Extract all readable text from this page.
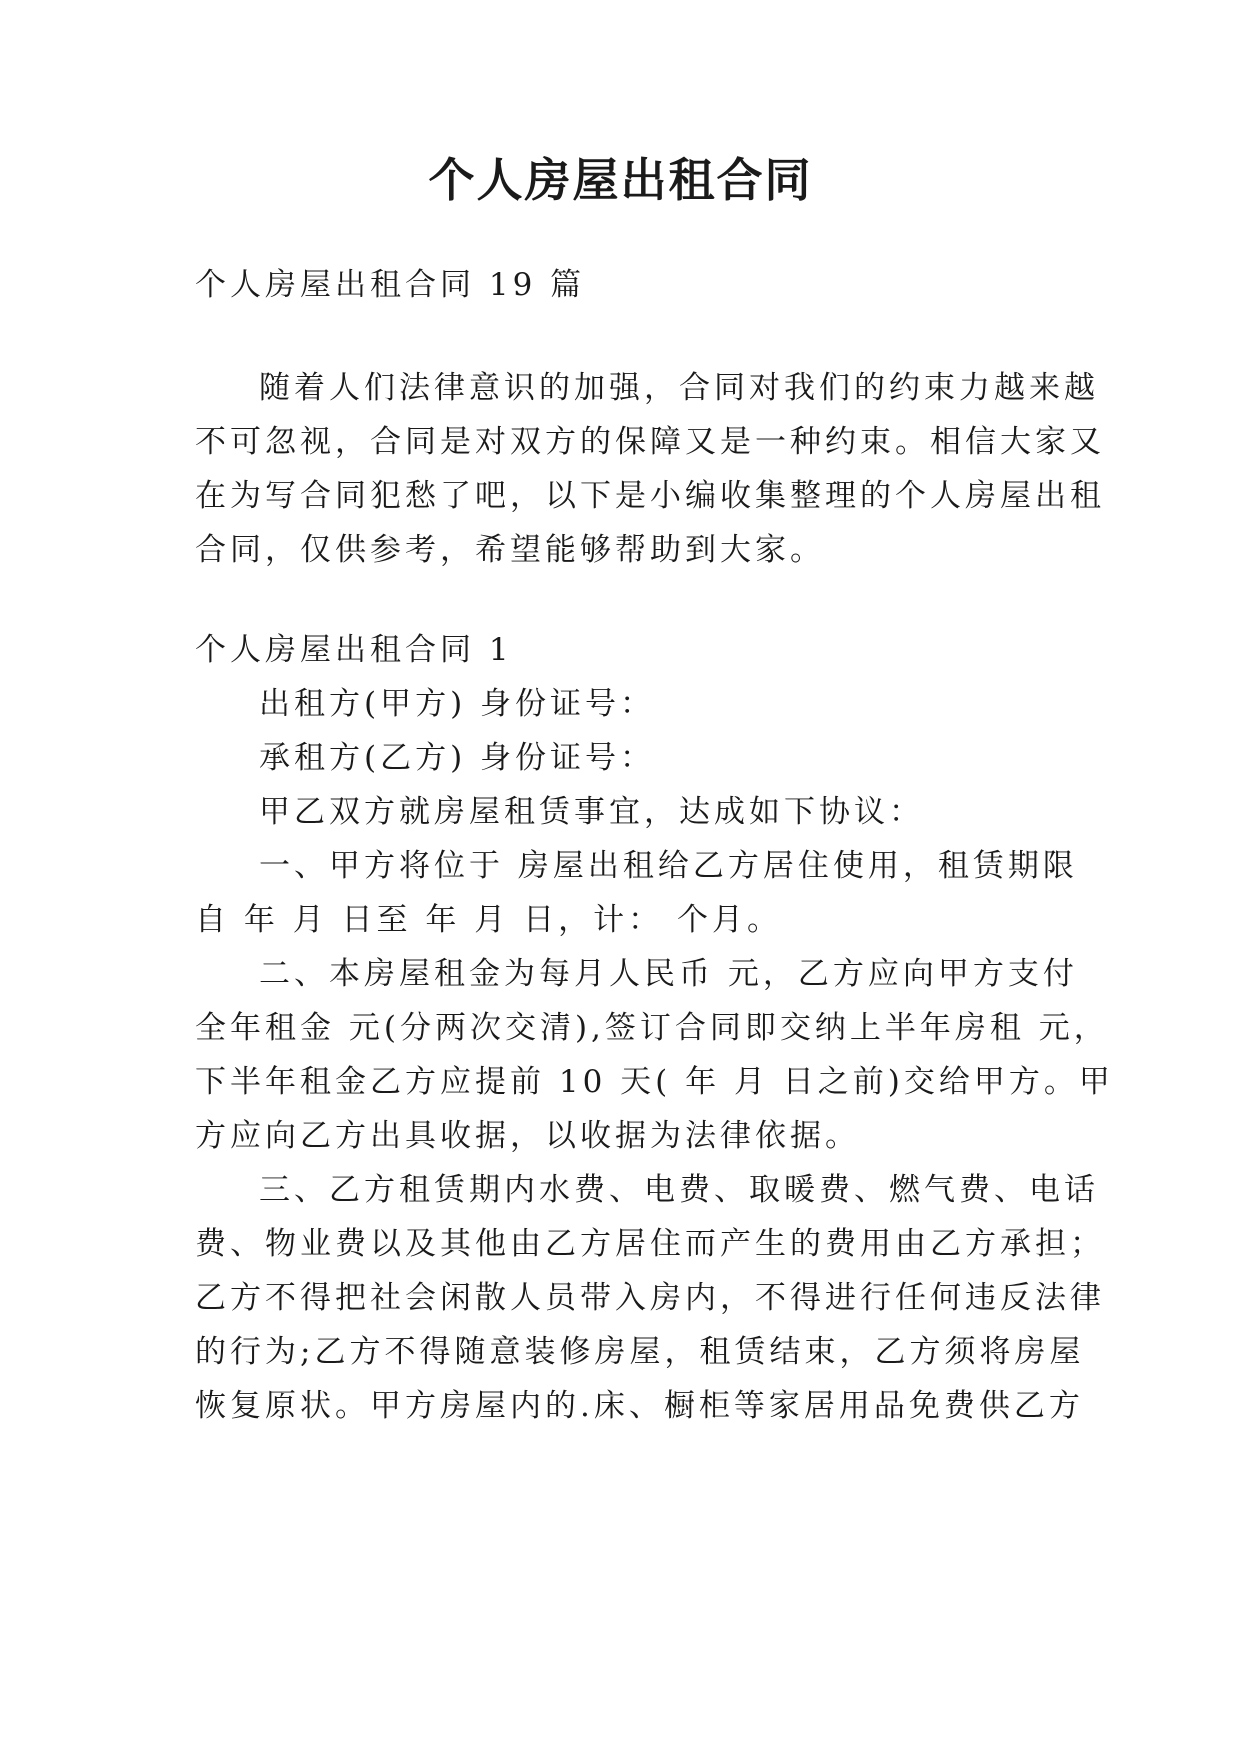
个人房屋出租合同
个人房屋出租合同 19 篇
随着人们法律意识的加强，合同对我们的约束力越来越
不可忽视，合同是对双方的保障又是一种约束。相信大家又
在为写合同犯愁了吧，以下是小编收集整理的个人房屋出租
合同，仅供参考，希望能够帮助到大家。
个人房屋出租合同 1
出租方(甲方) 身份证号：
承租方(乙方) 身份证号：
甲乙双方就房屋租赁事宜，达成如下协议：
一、甲方将位于 房屋出租给乙方居住使用，租赁期限
自 年 月 日至 年 月 日，计： 个月。
二、本房屋租金为每月人民币 元，乙方应向甲方支付
全年租金 元(分两次交清),签订合同即交纳上半年房租 元，
下半年租金乙方应提前 10 天( 年 月 日之前)交给甲方。甲
方应向乙方出具收据，以收据为法律依据。
三、乙方租赁期内水费、电费、取暖费、燃气费、电话
费、物业费以及其他由乙方居住而产生的费用由乙方承担；
乙方不得把社会闲散人员带入房内，不得进行任何违反法律
的行为;乙方不得随意装修房屋，租赁结束，乙方须将房屋
恢复原状。甲方房屋内的.床、橱柜等家居用品免费供乙方
